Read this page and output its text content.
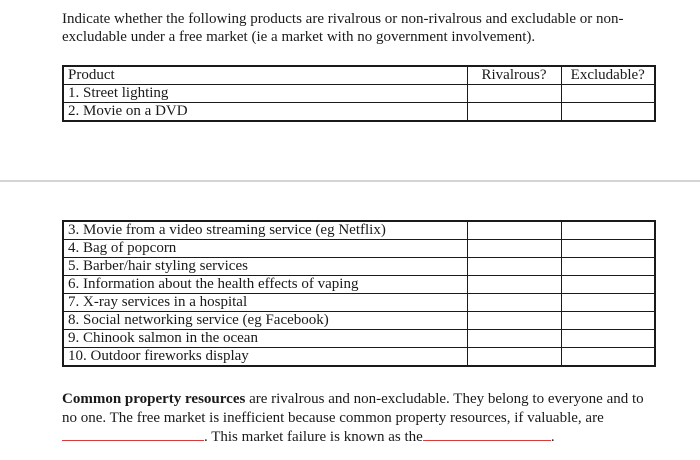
Indicate whether the following products are rivalrous or non-rivalrous and excludable or non-excludable under a free market (ie a market with no government involvement).

Product	Rivalrous?	Excludable?
1. Street lighting		
2. Movie on a DVD		
3. Movie from a video streaming service (eg Netflix)		
4. Bag of popcorn		
5. Barber/hair styling services		
6. Information about the health effects of vaping		
7. X-ray services in a hospital		
8. Social networking service (eg Facebook)		
9. Chinook salmon in the ocean		
10. Outdoor fireworks display		

Common property resources are rivalrous and non-excludable. They belong to everyone and to no one. The free market is inefficient because common property resources, if valuable, are. This market failure is known as the	.
